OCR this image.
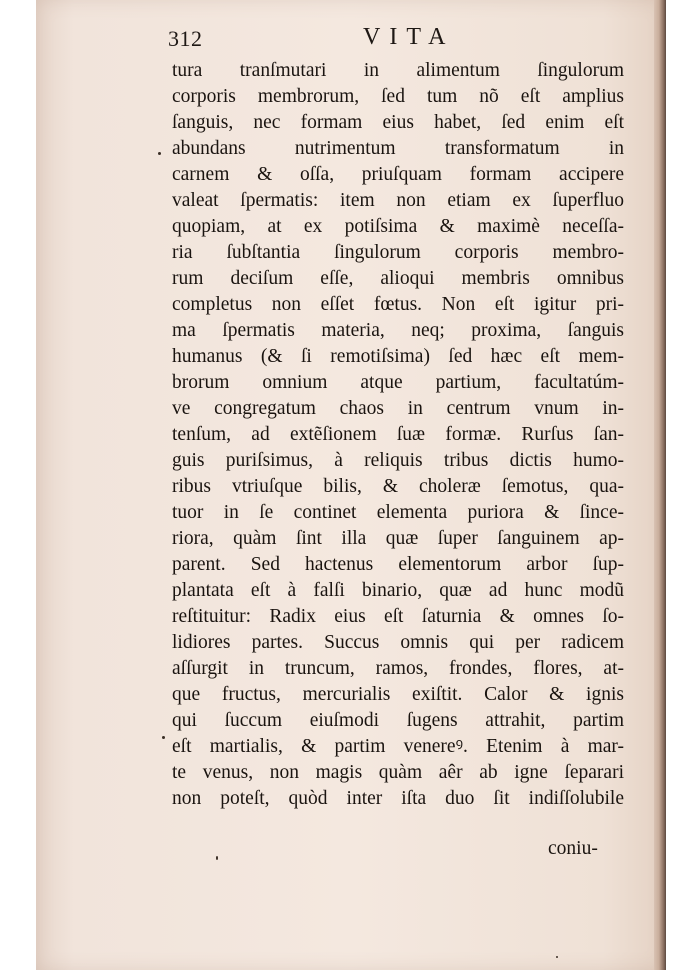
312	VITA
tura tranſmutari in alimentum ſingulorum
corporis membrorum, ſed tum nõ eſt amplius
ſanguis, nec formam eius habet, ſed enim eſt
abundans nutrimentum transformatum in
carnem & oſſa, priuſquam formam accipere
valeat ſpermatis: item non etiam ex ſuperfluo
quopiam, at ex potiſsima & maximè neceſſa-
ria ſubſtantia ſingulorum corporis membro-
rum deciſum eſſe, alioqui membris omnibus
completus non eſſet fœtus. Non eſt igitur pri-
ma ſpermatis materia, neq; proxima, ſanguis
humanus (& ſi remotiſsima) ſed hæc eſt mem-
brorum omnium atque partium, facultatúm-
ve congregatum chaos in centrum vnum in-
tenſum, ad extẽſionem ſuæ formæ. Rurſus ſan-
guis puriſsimus, à reliquis tribus dictis humo-
ribus vtriuſque bilis, & choleræ ſemotus, qua-
tuor in ſe continet elementa puriora & ſince-
riora, quàm ſint illa quæ ſuper ſanguinem ap-
parent. Sed hactenus elementorum arbor ſup-
plantata eſt à falſi binario, quæ ad hunc modũ
reſtituitur: Radix eius eſt ſaturnia & omnes ſo-
lidiores partes. Succus omnis qui per radicem
aſſurgit in truncum, ramos, frondes, flores, at-
que fructus, mercurialis exiſtit. Calor & ignis
qui ſuccum eiuſmodi ſugens attrahit, partim
eſt martialis, & partim venereꝰ. Etenim à mar-
te venus, non magis quàm aêr ab igne ſeparari
non poteſt, quòd inter iſta duo ſit indiſſolubile
coniu-
